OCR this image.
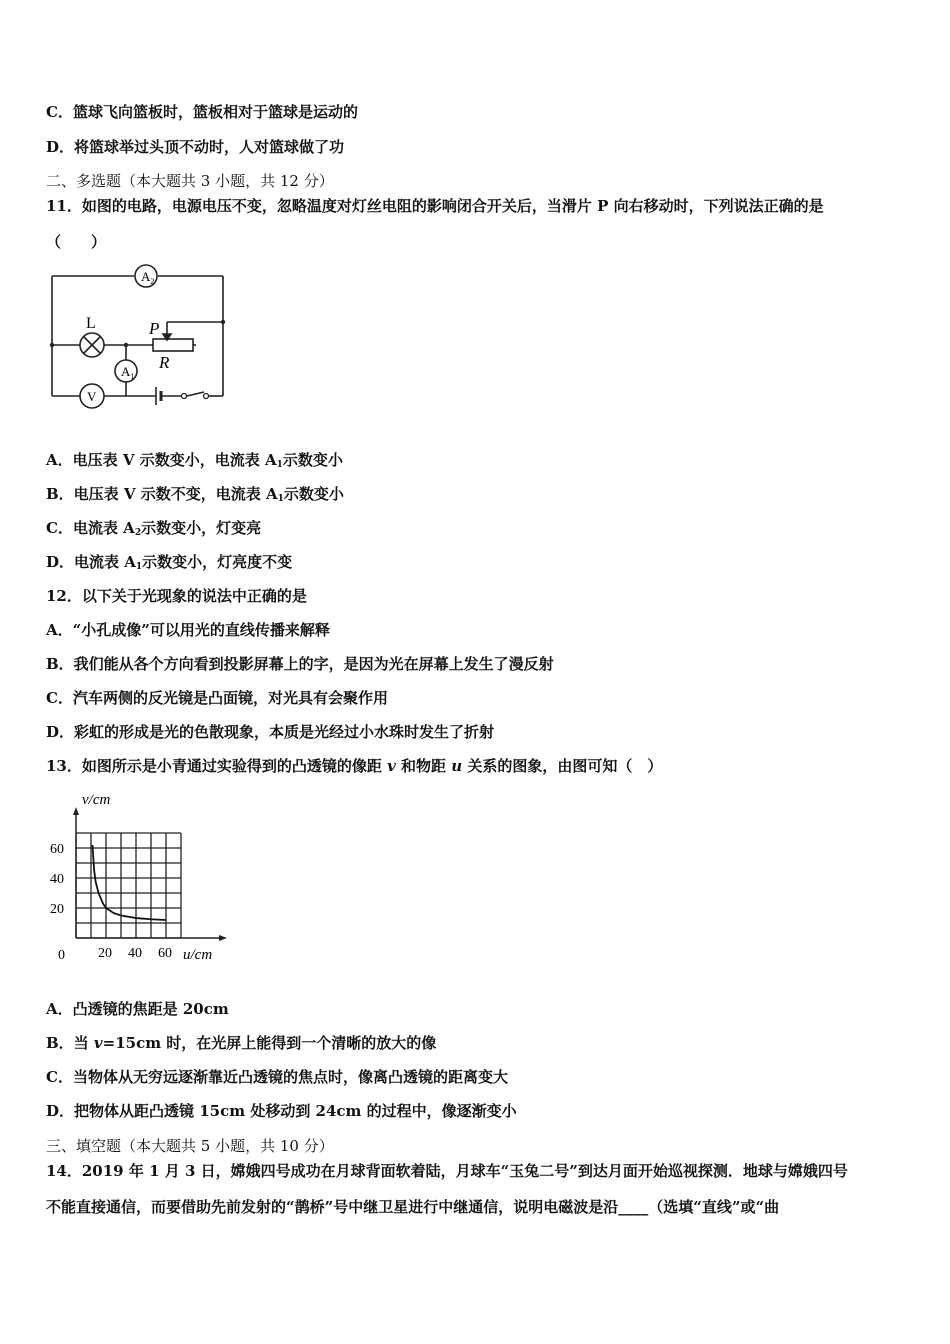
C．篮球飞向篮板时，篮板相对于篮球是运动的
D．将篮球举过头顶不动时，人对篮球做了功
二、多选题（本大题共 3 小题，共 12 分）
11．如图的电路，电源电压不变，忽略温度对灯丝电阻的影响闭合开关后，当滑片 P 向右移动时，下列说法正确的是
（　　）
$A_2$
L	P
R
$A_1$
V
A．电压表 V 示数变小，电流表 $A_1$示数变小
B．电压表 V 示数不变，电流表 $A_1$示数变小
C．电流表 $A_2$示数变小，灯变亮
D．电流表 $A_1$示数变小，灯亮度不变
12．以下关于光现象的说法中正确的是
A．“小孔成像”可以用光的直线传播来解释
B．我们能从各个方向看到投影屏幕上的字，是因为光在屏幕上发生了漫反射
C．汽车两侧的反光镜是凸面镜，对光具有会聚作用
D．彩虹的形成是光的色散现象，本质是光经过小水珠时发生了折射
13．如图所示是小青通过实验得到的凸透镜的像距 v 和物距 u 关系的图象，由图可知（　）
20 40 60
20
40
60
0
v/cm
u/cm
A．凸透镜的焦距是 20cm
B．当 v=15cm 时，在光屏上能得到一个清晰的放大的像
C．当物体从无穷远逐渐靠近凸透镜的焦点时，像离凸透镜的距离变大
D．把物体从距凸透镜 15cm 处移动到 24cm 的过程中，像逐渐变小
三、填空题（本大题共 5 小题，共 10 分）
14．2019 年 1 月 3 日，嫦娥四号成功在月球背面软着陆，月球车“玉兔二号”到达月面开始巡视探测．地球与嫦娥四号
不能直接通信，而要借助先前发射的“鹊桥”号中继卫星进行中继通信，说明电磁波是沿____（选填“直线”或“曲
